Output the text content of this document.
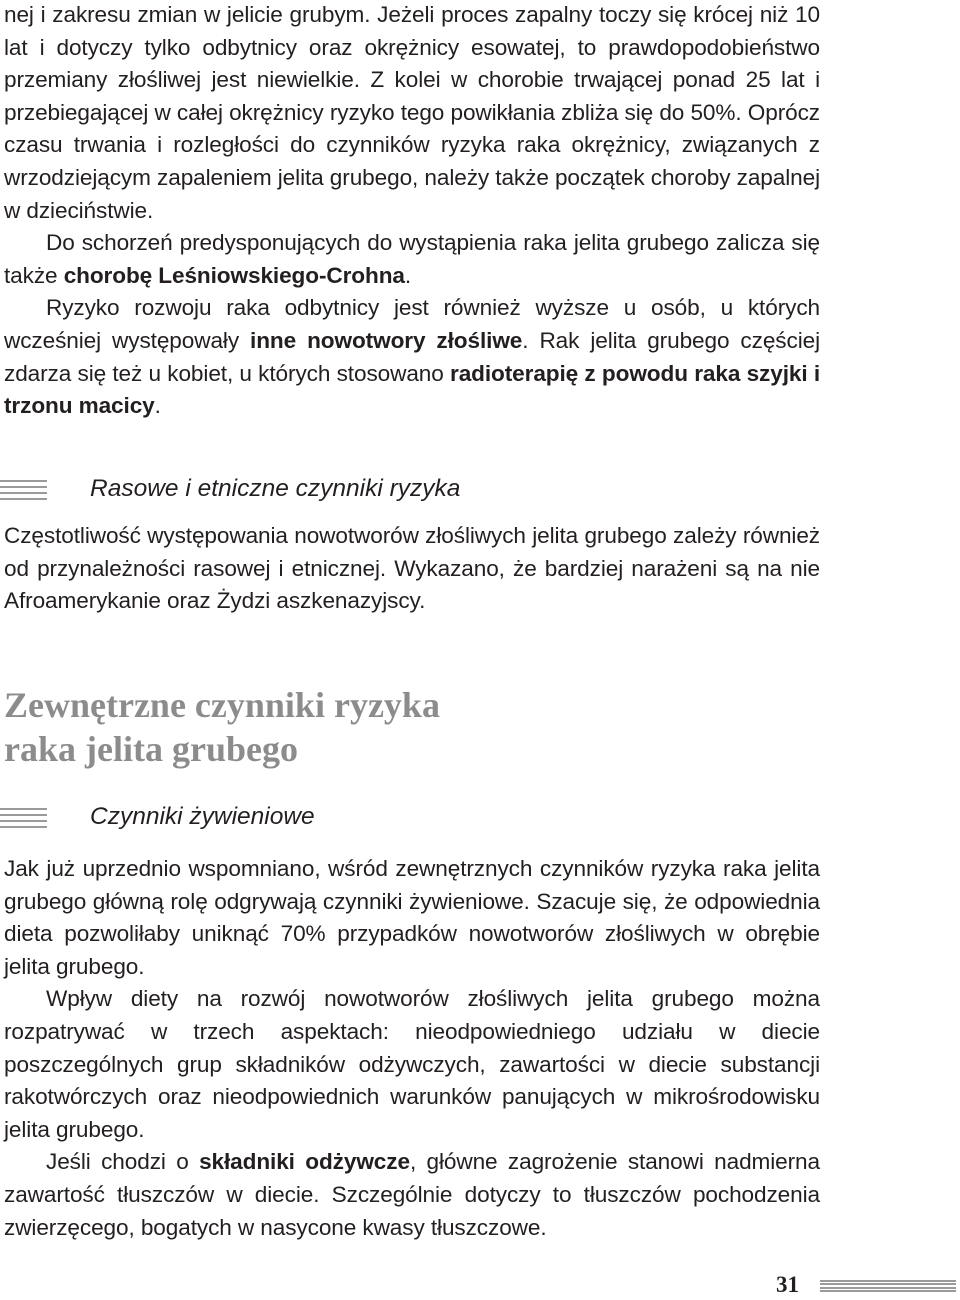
nej i zakresu zmian w jelicie grubym. Jeżeli proces zapalny toczy się krócej niż 10 lat i dotyczy tylko odbytnicy oraz okrężnicy esowatej, to prawdopodobieństwo przemiany złośliwej jest niewielkie. Z kolei w chorobie trwającej ponad 25 lat i przebiegającej w całej okrężnicy ryzyko tego powikłania zbliża się do 50%. Oprócz czasu trwania i rozległości do czynników ryzyka raka okrężnicy, związanych z wrzodziejącym zapaleniem jelita grubego, należy także początek choroby zapalnej w dzieciństwie.

Do schorzeń predysponujących do wystąpienia raka jelita grubego zalicza się także chorobę Leśniowskiego-Crohna.

Ryzyko rozwoju raka odbytnicy jest również wyższe u osób, u których wcześniej występowały inne nowotwory złośliwe. Rak jelita grubego częściej zdarza się też u kobiet, u których stosowano radioterapię z powodu raka szyjki i trzonu macicy.

Rasowe i etniczne czynniki ryzyka

Częstotliwość występowania nowotworów złośliwych jelita grubego zależy również od przynależności rasowej i etnicznej. Wykazano, że bardziej narażeni są na nie Afroamerykanie oraz Żydzi aszkenazyjscy.

Zewnętrzne czynniki ryzyka
raka jelita grubego
Czynniki żywieniowe

Jak już uprzednio wspomniano, wśród zewnętrznych czynników ryzyka raka jelita grubego główną rolę odgrywają czynniki żywieniowe. Szacuje się, że odpowiednia dieta pozwoliłaby uniknąć 70% przypadków nowotworów złośliwych w obrębie jelita grubego.

Wpływ diety na rozwój nowotworów złośliwych jelita grubego można rozpatrywać w trzech aspektach: nieodpowiedniego udziału w diecie poszczególnych grup składników odżywczych, zawartości w diecie substancji rakotwórczych oraz nieodpowiednich warunków panujących w mikrośrodowisku jelita grubego.

Jeśli chodzi o składniki odżywcze, główne zagrożenie stanowi nadmierna zawartość tłuszczów w diecie. Szczególnie dotyczy to tłuszczów pochodzenia zwierzęcego, bogatych w nasycone kwasy tłuszczowe.

31
